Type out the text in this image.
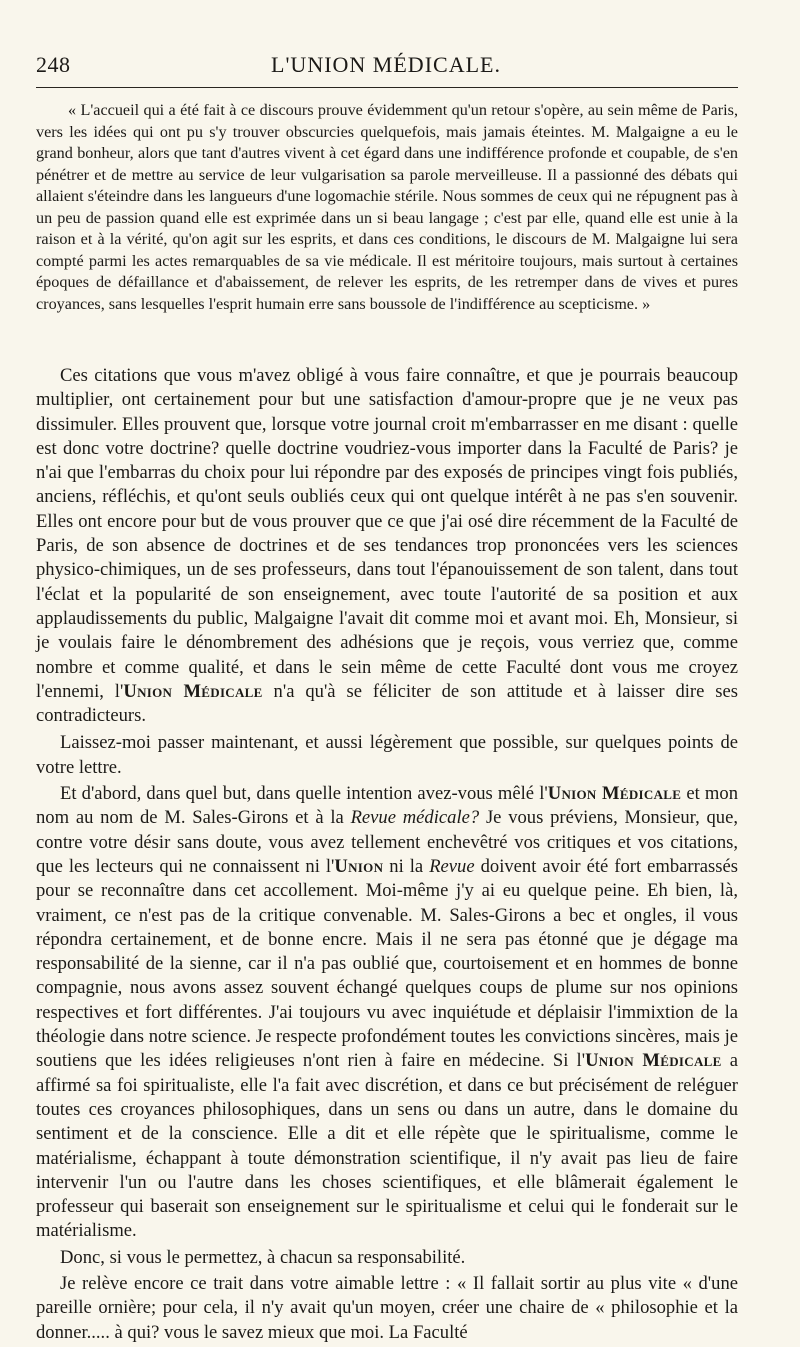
248	L'UNION MÉDICALE.
« L'accueil qui a été fait à ce discours prouve évidemment qu'un retour s'opère, au sein même de Paris, vers les idées qui ont pu s'y trouver obscurcies quelquefois, mais jamais éteintes. M. Malgaigne a eu le grand bonheur, alors que tant d'autres vivent à cet égard dans une indifférence profonde et coupable, de s'en pénétrer et de mettre au service de leur vulgarisation sa parole merveilleuse. Il a passionné des débats qui allaient s'éteindre dans les langueurs d'une logomachie stérile. Nous sommes de ceux qui ne répugnent pas à un peu de passion quand elle est exprimée dans un si beau langage ; c'est par elle, quand elle est unie à la raison et à la vérité, qu'on agit sur les esprits, et dans ces conditions, le discours de M. Malgaigne lui sera compté parmi les actes remarquables de sa vie médicale. Il est méritoire toujours, mais surtout à certaines époques de défaillance et d'abaissement, de relever les esprits, de les retremper dans de vives et pures croyances, sans lesquelles l'esprit humain erre sans boussole de l'indifférence au scepticisme. »

Ces citations que vous m'avez obligé à vous faire connaître, et que je pourrais beaucoup multiplier, ont certainement pour but une satisfaction d'amour-propre que je ne veux pas dissimuler. Elles prouvent que, lorsque votre journal croit m'embarrasser en me disant : quelle est donc votre doctrine? quelle doctrine voudriez-vous importer dans la Faculté de Paris? je n'ai que l'embarras du choix pour lui répondre par des exposés de principes vingt fois publiés, anciens, réfléchis, et qu'ont seuls oubliés ceux qui ont quelque intérêt à ne pas s'en souvenir. Elles ont encore pour but de vous prouver que ce que j'ai osé dire récemment de la Faculté de Paris, de son absence de doctrines et de ses tendances trop prononcées vers les sciences physico-chimiques, un de ses professeurs, dans tout l'épanouissement de son talent, dans tout l'éclat et la popularité de son enseignement, avec toute l'autorité de sa position et aux applaudissements du public, Malgaigne l'avait dit comme moi et avant moi. Eh, Monsieur, si je voulais faire le dénombrement des adhésions que je reçois, vous verriez que, comme nombre et comme qualité, et dans le sein même de cette Faculté dont vous me croyez l'ennemi, l'Union Médicale n'a qu'à se féliciter de son attitude et à laisser dire ses contradicteurs.

Laissez-moi passer maintenant, et aussi légèrement que possible, sur quelques points de votre lettre.

Et d'abord, dans quel but, dans quelle intention avez-vous mêlé l'Union Médicale et mon nom au nom de M. Sales-Girons et à la Revue médicale? Je vous préviens, Monsieur, que, contre votre désir sans doute, vous avez tellement enchevêtré vos critiques et vos citations, que les lecteurs qui ne connaissent ni l'Union ni la Revue doivent avoir été fort embarrassés pour se reconnaître dans cet accollement. Moi-même j'y ai eu quelque peine. Eh bien, là, vraiment, ce n'est pas de la critique convenable. M. Sales-Girons a bec et ongles, il vous répondra certainement, et de bonne encre. Mais il ne sera pas étonné que je dégage ma responsabilité de la sienne, car il n'a pas oublié que, courtoisement et en hommes de bonne compagnie, nous avons assez souvent échangé quelques coups de plume sur nos opinions respectives et fort différentes. J'ai toujours vu avec inquiétude et déplaisir l'immixtion de la théologie dans notre science. Je respecte profondément toutes les convictions sincères, mais je soutiens que les idées religieuses n'ont rien à faire en médecine. Si l'Union Médicale a affirmé sa foi spiritualiste, elle l'a fait avec discrétion, et dans ce but précisément de reléguer toutes ces croyances philosophiques, dans un sens ou dans un autre, dans le domaine du sentiment et de la conscience. Elle a dit et elle répète que le spiritualisme, comme le matérialisme, échappant à toute démonstration scientifique, il n'y avait pas lieu de faire intervenir l'un ou l'autre dans les choses scientifiques, et elle blâmerait également le professeur qui baserait son enseignement sur le spiritualisme et celui qui le fonderait sur le matérialisme.

Donc, si vous le permettez, à chacun sa responsabilité.

Je relève encore ce trait dans votre aimable lettre : « Il fallait sortir au plus vite « d'une pareille ornière; pour cela, il n'y avait qu'un moyen, créer une chaire de « philosophie et la donner..... à qui? vous le savez mieux que moi. La Faculté
